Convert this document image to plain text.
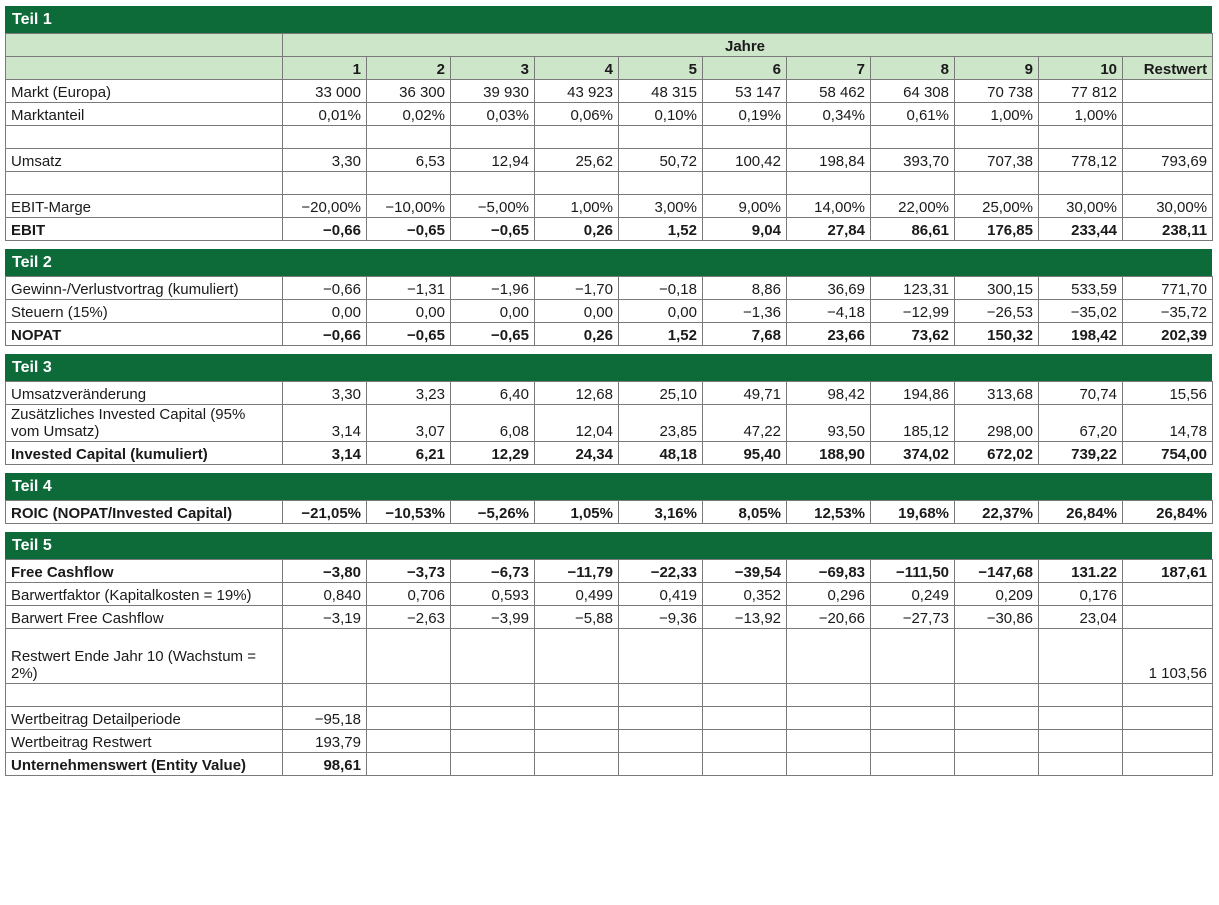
Teil 1
	Jahre										
	1	2	3	4	5	6	7	8	9	10	Restwert
Markt (Europa)	33 000	36 300	39 930	43 923	48 315	53 147	58 462	64 308	70 738	77 812	
Marktanteil	0,01%	0,02%	0,03%	0,06%	0,10%	0,19%	0,34%	0,61%	1,00%	1,00%	

Umsatz	3,30	6,53	12,94	25,62	50,72	100,42	198,84	393,70	707,38	778,12	793,69

EBIT-Marge	−20,00%	−10,00%	−5,00%	1,00%	3,00%	9,00%	14,00%	22,00%	25,00%	30,00%	30,00%
EBIT	−0,66	−0,65	−0,65	0,26	1,52	9,04	27,84	86,61	176,85	233,44	238,11
Teil 2
Gewinn-/Verlustvortrag (kumuliert)	−0,66	−1,31	−1,96	−1,70	−0,18	8,86	36,69	123,31	300,15	533,59	771,70
Steuern (15%)	0,00	0,00	0,00	0,00	0,00	−1,36	−4,18	−12,99	−26,53	−35,02	−35,72
NOPAT	−0,66	−0,65	−0,65	0,26	1,52	7,68	23,66	73,62	150,32	198,42	202,39
Teil 3
Umsatzveränderung	3,30	3,23	6,40	12,68	25,10	49,71	98,42	194,86	313,68	70,74	15,56
Zusätzliches Invested Capital (95% vom Umsatz)	3,14	3,07	6,08	12,04	23,85	47,22	93,50	185,12	298,00	67,20	14,78
Invested Capital (kumuliert)	3,14	6,21	12,29	24,34	48,18	95,40	188,90	374,02	672,02	739,22	754,00
Teil 4
ROIC (NOPAT/Invested Capital)	−21,05%	−10,53%	−5,26%	1,05%	3,16%	8,05%	12,53%	19,68%	22,37%	26,84%	26,84%
Teil 5
Free Cashflow	−3,80	−3,73	−6,73	−11,79	−22,33	−39,54	−69,83	−111,50	−147,68	131.22	187,61
Barwertfaktor (Kapitalkosten = 19%)	0,840	0,706	0,593	0,499	0,419	0,352	0,296	0,249	0,209	0,176	
Barwert Free Cashflow	−3,19	−2,63	−3,99	−5,88	−9,36	−13,92	−20,66	−27,73	−30,86	23,04	
Restwert Ende Jahr 10 (Wachstum = 2%)											1 103,56

Wertbeitrag Detailperiode	−95,18										
Wertbeitrag Restwert	193,79										
Unternehmenswert (Entity Value)	98,61										
